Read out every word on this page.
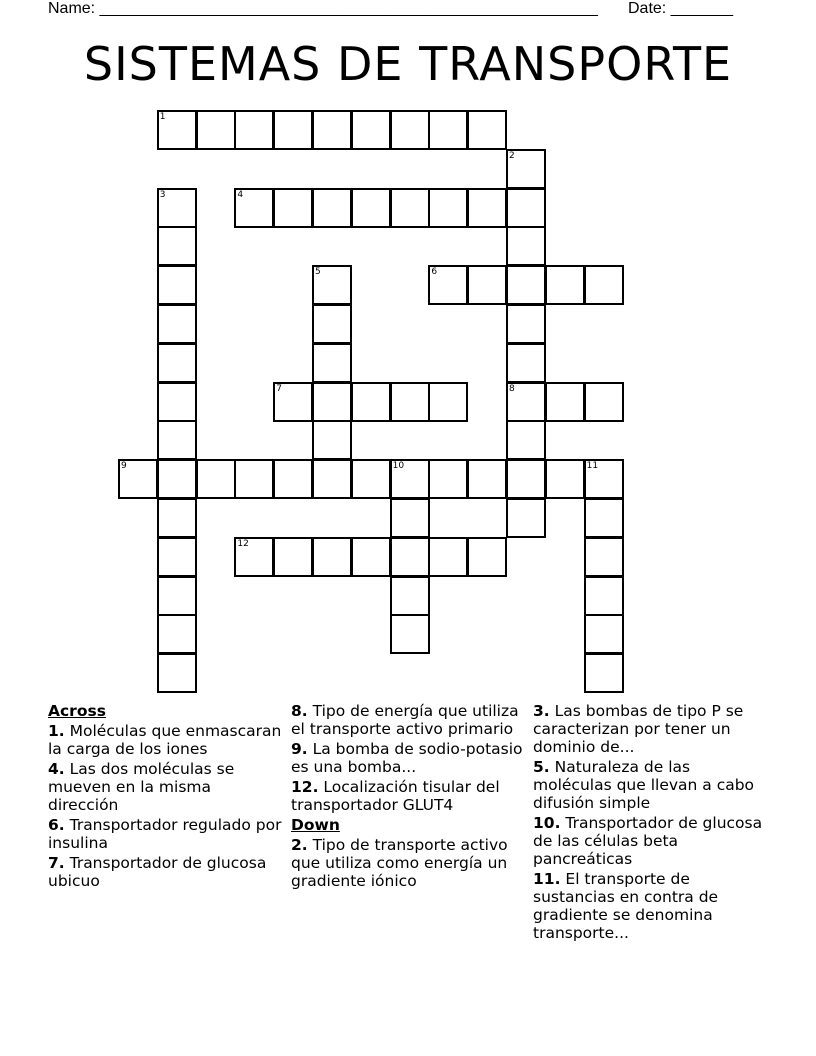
Name: ________________________________________________________ Date: _______
SISTEMAS DE TRANSPORTE
1
2
3	4
5	6
7	8
9	10	11
12
Across
1. Moléculas que enmascaran la carga de los iones
4. Las dos moléculas se mueven en la misma dirección
6. Transportador regulado por insulina
7. Transportador de glucosa ubicuo
8. Tipo de energía que utiliza el transporte activo primario
9. La bomba de sodio-potasio es una bomba...
12. Localización tisular del transportador GLUT4
Down
2. Tipo de transporte activo que utiliza como energía un gradiente iónico
3. Las bombas de tipo P se caracterizan por tener un dominio de...
5. Naturaleza de las moléculas que llevan a cabo difusión simple
10. Transportador de glucosa de las células beta pancreáticas
11. El transporte de sustancias en contra de gradiente se denomina transporte...
